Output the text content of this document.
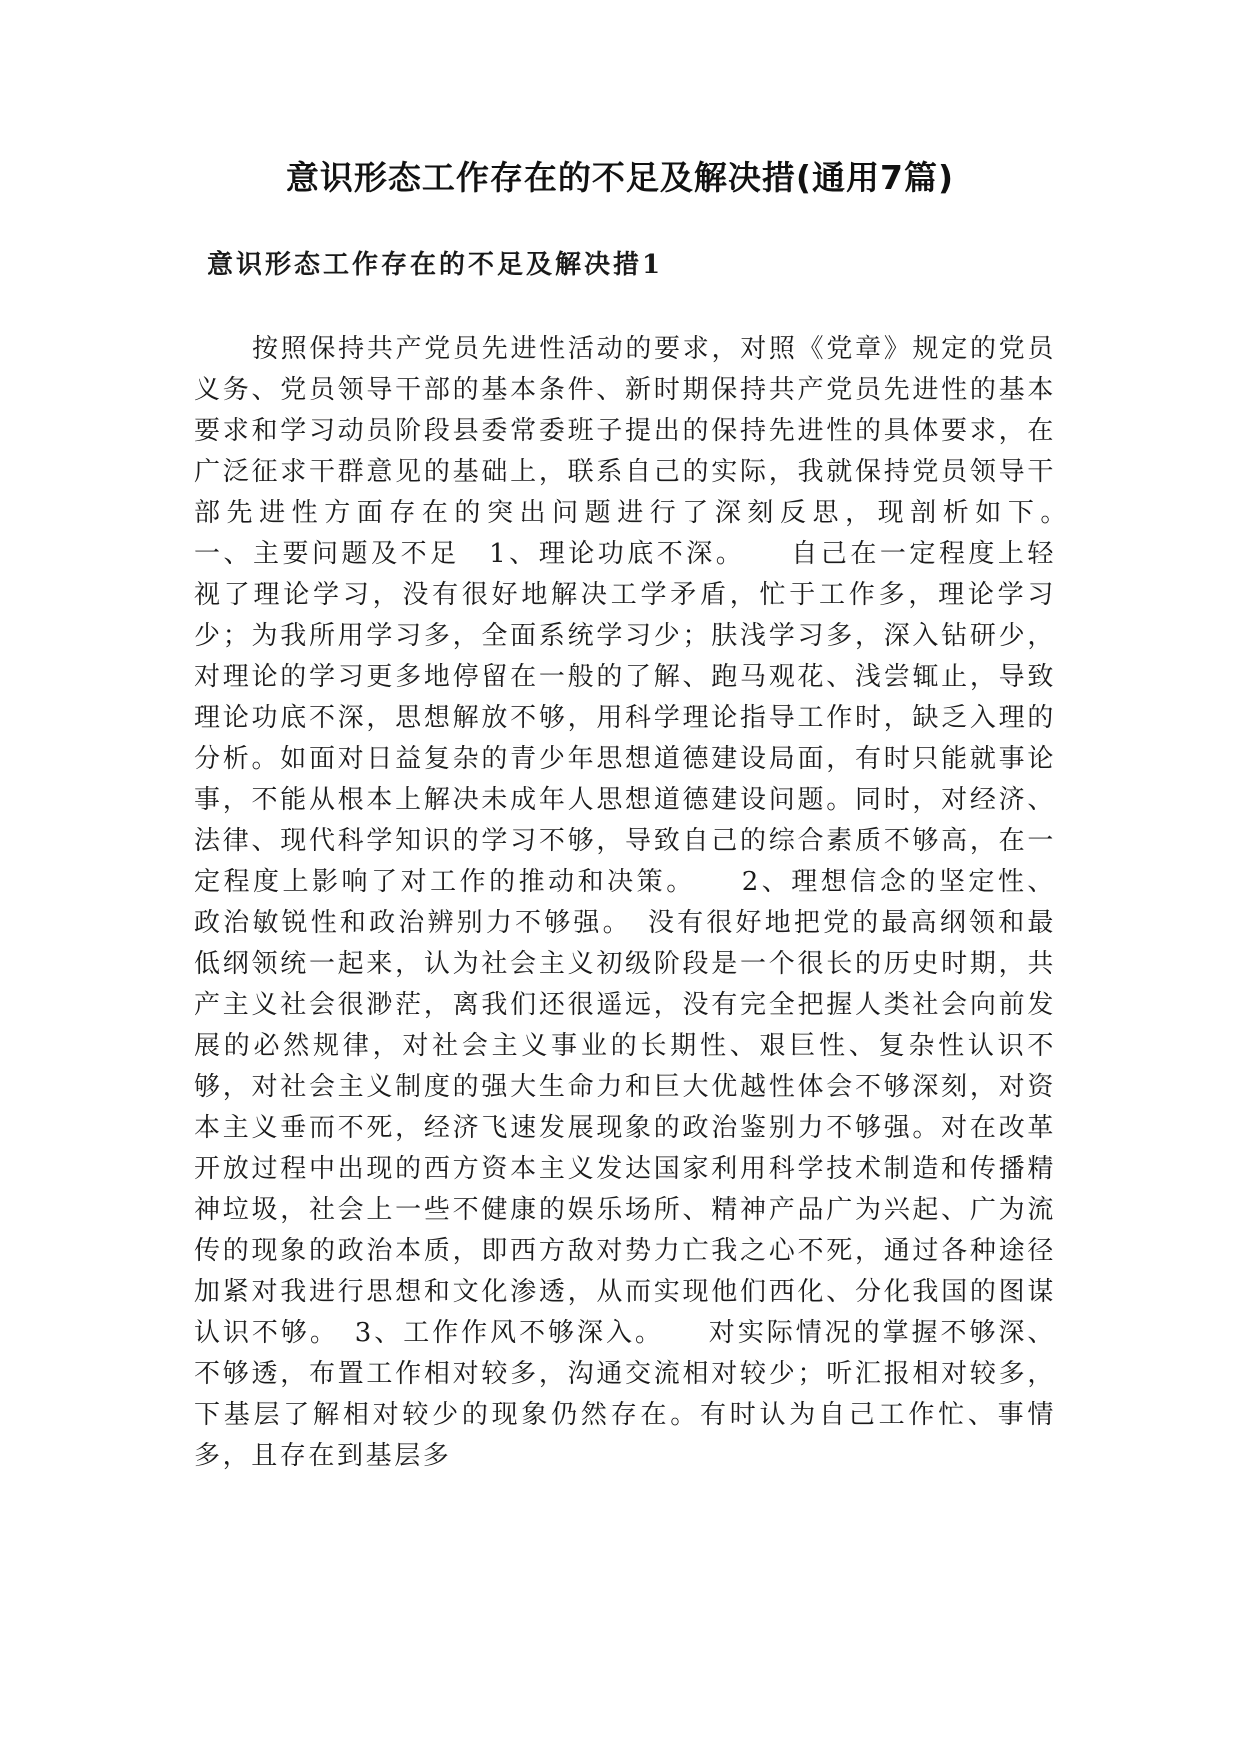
意识形态工作存在的不足及解决措(通用7篇)
意识形态工作存在的不足及解决措1

按照保持共产党员先进性活动的要求，对照《党章》规定的党员义务、党员领导干部的基本条件、新时期保持共产党员先进性的基本要求和学习动员阶段县委常委班子提出的保持先进性的具体要求，在广泛征求干群意见的基础上，联系自己的实际，我就保持党员领导干部先进性方面存在的突出问题进行了深刻反思，现剖析如下。　　一、主要问题及不足　1、理论功底不深。　　自己在一定程度上轻视了理论学习，没有很好地解决工学矛盾，忙于工作多，理论学习少；为我所用学习多，全面系统学习少；肤浅学习多，深入钻研少，对理论的学习更多地停留在一般的了解、跑马观花、浅尝辄止，导致理论功底不深，思想解放不够，用科学理论指导工作时，缺乏入理的分析。如面对日益复杂的青少年思想道德建设局面，有时只能就事论事，不能从根本上解决未成年人思想道德建设问题。同时，对经济、法律、现代科学知识的学习不够，导致自己的综合素质不够高，在一定程度上影响了对工作的推动和决策。　　2、理想信念的坚定性、政治敏锐性和政治辨别力不够强。　没有很好地把党的最高纲领和最低纲领统一起来，认为社会主义初级阶段是一个很长的历史时期，共产主义社会很渺茫，离我们还很遥远，没有完全把握人类社会向前发展的必然规律，对社会主义事业的长期性、艰巨性、复杂性认识不够，对社会主义制度的强大生命力和巨大优越性体会不够深刻，对资本主义垂而不死，经济飞速发展现象的政治鉴别力不够强。对在改革开放过程中出现的西方资本主义发达国家利用科学技术制造和传播精神垃圾，社会上一些不健康的娱乐场所、精神产品广为兴起、广为流传的现象的政治本质，即西方敌对势力亡我之心不死，通过各种途径加紧对我进行思想和文化渗透，从而实现他们西化、分化我国的图谋认识不够。　3、工作作风不够深入。　　对实际情况的掌握不够深、不够透，布置工作相对较多，沟通交流相对较少；听汇报相对较多，下基层了解相对较少的现象仍然存在。有时认为自己工作忙、事情多，且存在到基层多
